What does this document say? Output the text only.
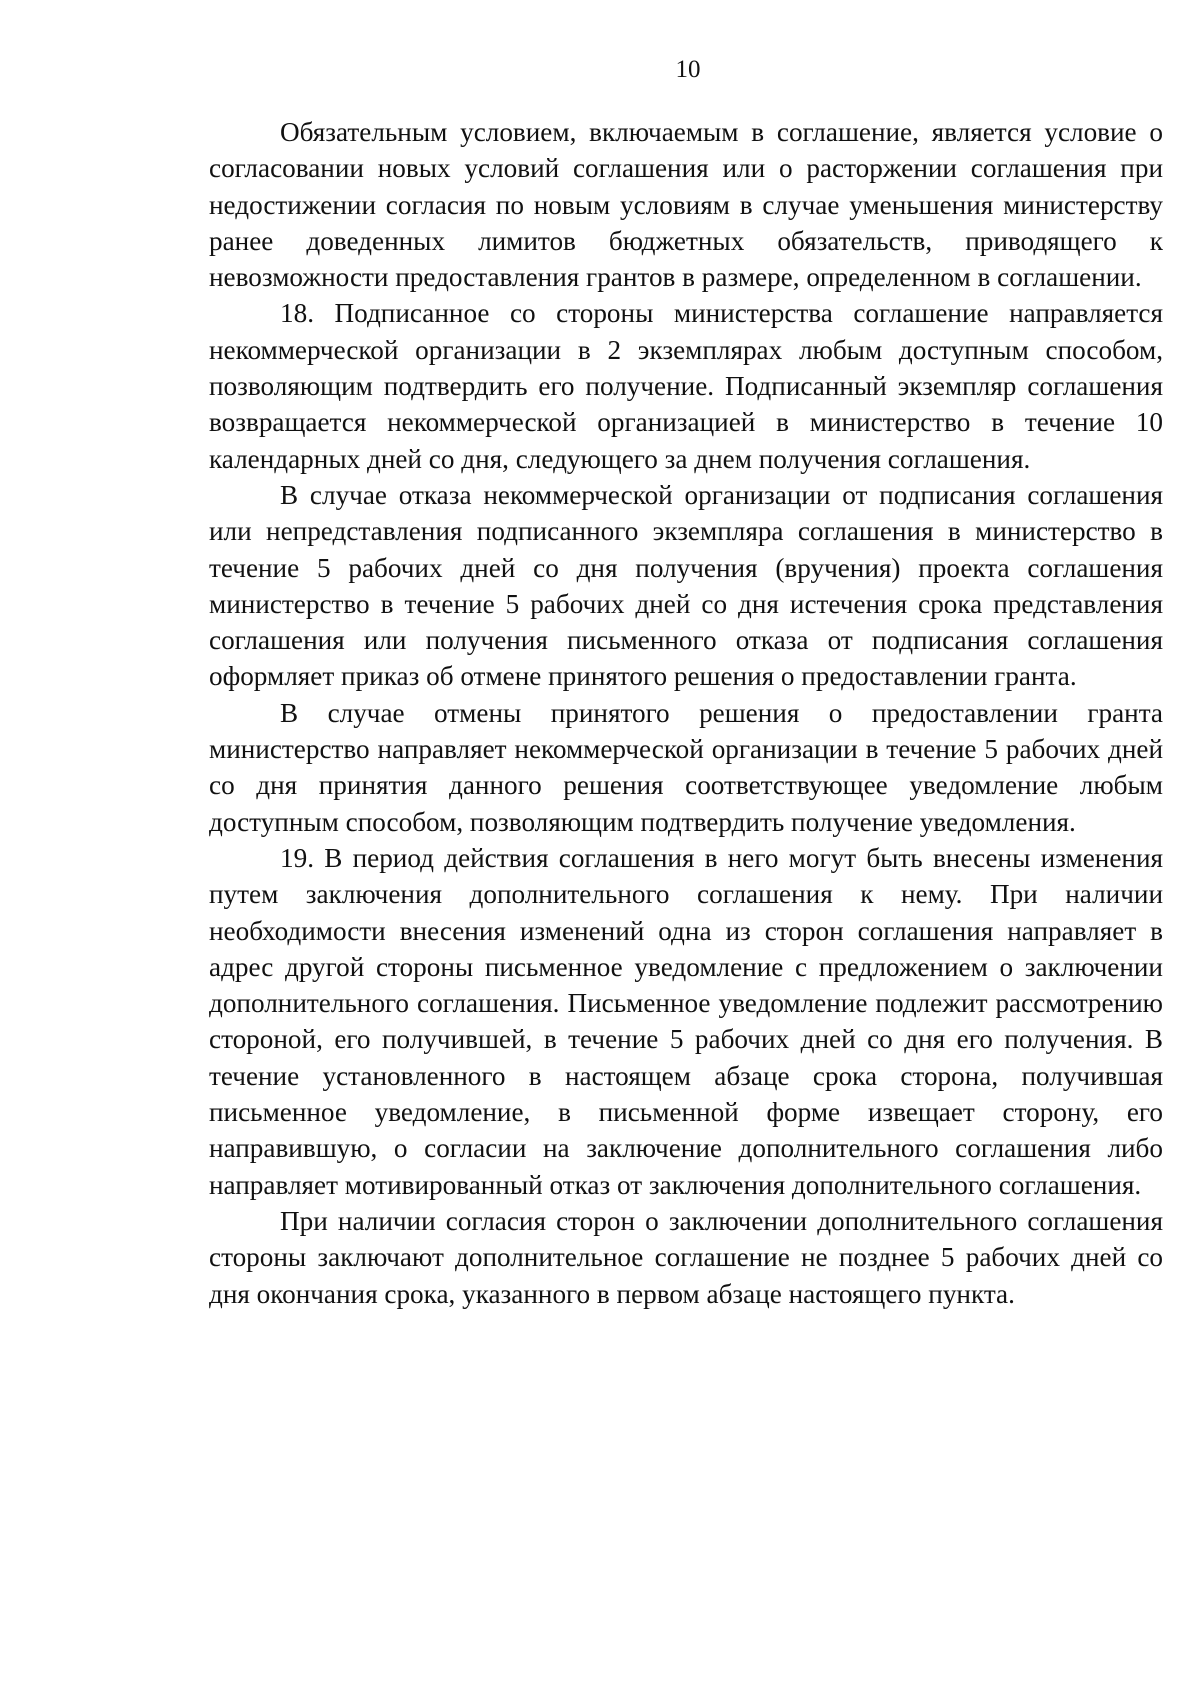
10

Обязательным условием, включаемым в соглашение, является условие о согласовании новых условий соглашения или о расторжении соглашения при недостижении согласия по новым условиям в случае уменьшения министерству ранее доведенных лимитов бюджетных обязательств, приводящего к невозможности предоставления грантов в размере, определенном в соглашении.

18. Подписанное со стороны министерства соглашение направляется некоммерческой организации в 2 экземплярах любым доступным способом, позволяющим подтвердить его получение. Подписанный экземпляр соглашения возвращается некоммерческой организацией в министерство в течение 10 календарных дней со дня, следующего за днем получения соглашения.

В случае отказа некоммерческой организации от подписания соглашения или непредставления подписанного экземпляра соглашения в министерство в течение 5 рабочих дней со дня получения (вручения) проекта соглашения министерство в течение 5 рабочих дней со дня истечения срока представления соглашения или получения письменного отказа от подписания соглашения оформляет приказ об отмене принятого решения о предоставлении гранта.

В случае отмены принятого решения о предоставлении гранта министерство направляет некоммерческой организации в течение 5 рабочих дней со дня принятия данного решения соответствующее уведомление любым доступным способом, позволяющим подтвердить получение уведомления.

19. В период действия соглашения в него могут быть внесены изменения путем заключения дополнительного соглашения к нему. При наличии необходимости внесения изменений одна из сторон соглашения направляет в адрес другой стороны письменное уведомление с предложением о заключении дополнительного соглашения. Письменное уведомление подлежит рассмотрению стороной, его получившей, в течение 5 рабочих дней со дня его получения. В течение установленного в настоящем абзаце срока сторона, получившая письменное уведомление, в письменной форме извещает сторону, его направившую, о согласии на заключение дополнительного соглашения либо направляет мотивированный отказ от заключения дополнительного соглашения.

При наличии согласия сторон о заключении дополнительного соглашения стороны заключают дополнительное соглашение не позднее 5 рабочих дней со дня окончания срока, указанного в первом абзаце настоящего пункта.
